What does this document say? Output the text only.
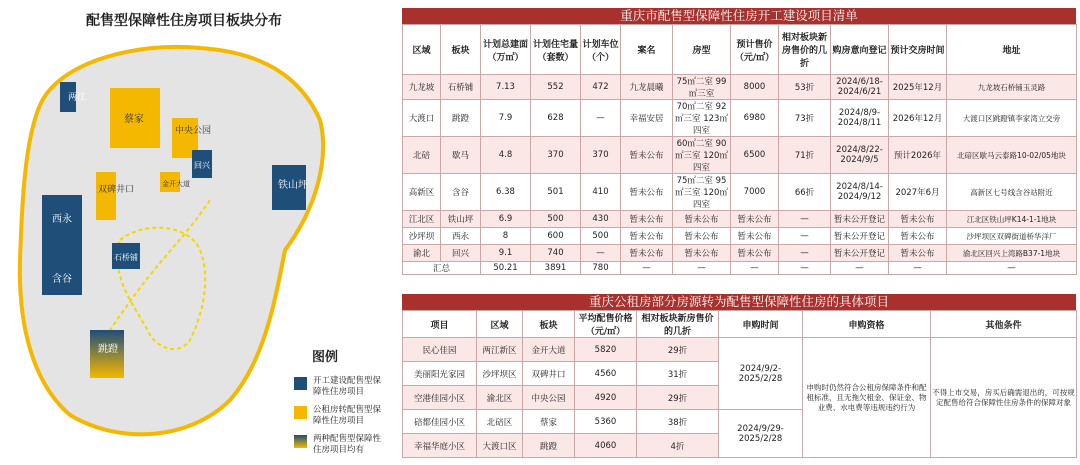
配售型保障性住房项目板块分布
两江
蔡家
中央公园
回兴
双碑井口
金开大道	铁山坪
西永
含谷
石桥铺
跳蹬
图例
开工建设配售型保障性住房项目
公租房转配售型保障性住房项目
两种配售型保障性住房项目均有
重庆市配售型保障性住房开工建设项目清单
区域	板块	计划总建面（万㎡）	计划住宅量（套数）	计划车位（个）	案名	房型	预计售价（元/㎡）	相对板块新房售价的几折	购房意向登记	预计交房时间	地址
九龙坡	石桥铺	7.13	552	472	九龙晨曦	75㎡二室 99㎡三室	8000	53折	2024/6/18-2024/6/21	2025年12月	九龙坡石桥铺玉灵路
大渡口	跳蹬	7.9	628	—	幸福安居	70㎡二室 92㎡三室 123㎡四室	6980	73折	2024/8/9-2024/8/11	2026年12月	大渡口区跳蹬镇李家湾立交旁
北碚	歇马	4.8	370	370	暂未公布	60㎡二室 90㎡三室 120㎡四室	6500	71折	2024/8/22-2024/9/5	预计2026年	北碚区歇马云泰路10-02/05地块
高新区	含谷	6.38	501	410	暂未公布	75㎡二室 95㎡三室 120㎡四室	7000	66折	2024/8/14-2024/9/12	2027年6月	高新区七号线含谷站附近
江北区	铁山坪	6.9	500	430	暂未公布	暂未公布	暂未公布	—	暂未公开登记	暂未公布	江北区铁山坪K14-1-1地块
沙坪坝	西永	8	600	500	暂未公布	暂未公布	暂未公布	—	暂未公开登记	暂未公布	沙坪坝区双碑街道桥华洋厂
渝北	回兴	9.1	740	—	暂未公布	暂未公布	暂未公布	—	暂未公开登记	暂未公布	渝北区回兴上湾路B37-1地块
汇总		50.21	3891	780	—	—	—	—	—	—	—
重庆公租房部分房源转为配售型保障性住房的具体项目
项目	区域	板块	平均配售价格（元/㎡）	相对板块新房售价的几折	申购时间	申购资格	其他条件
民心佳园	两江新区	金开大道	5820	29折	2024/9/2-2025/2/28	申购时仍然符合公租房保障条件和配租标准，且无拖欠租金、保证金、物业费、水电费等违规违约行为	不得上市交易，房买后确需退出的，可按规定配售给符合保障性住房条件的保障对象
美丽阳光家园	沙坪坝区	双碑井口	4560	31折			
空港佳园小区	渝北区	中央公园	4920	29折			
碚都佳园小区	北碚区	蔡家	5360	38折	2024/9/29-2025/2/28		
幸福华庭小区	大渡口区	跳蹬	4060	4折			
